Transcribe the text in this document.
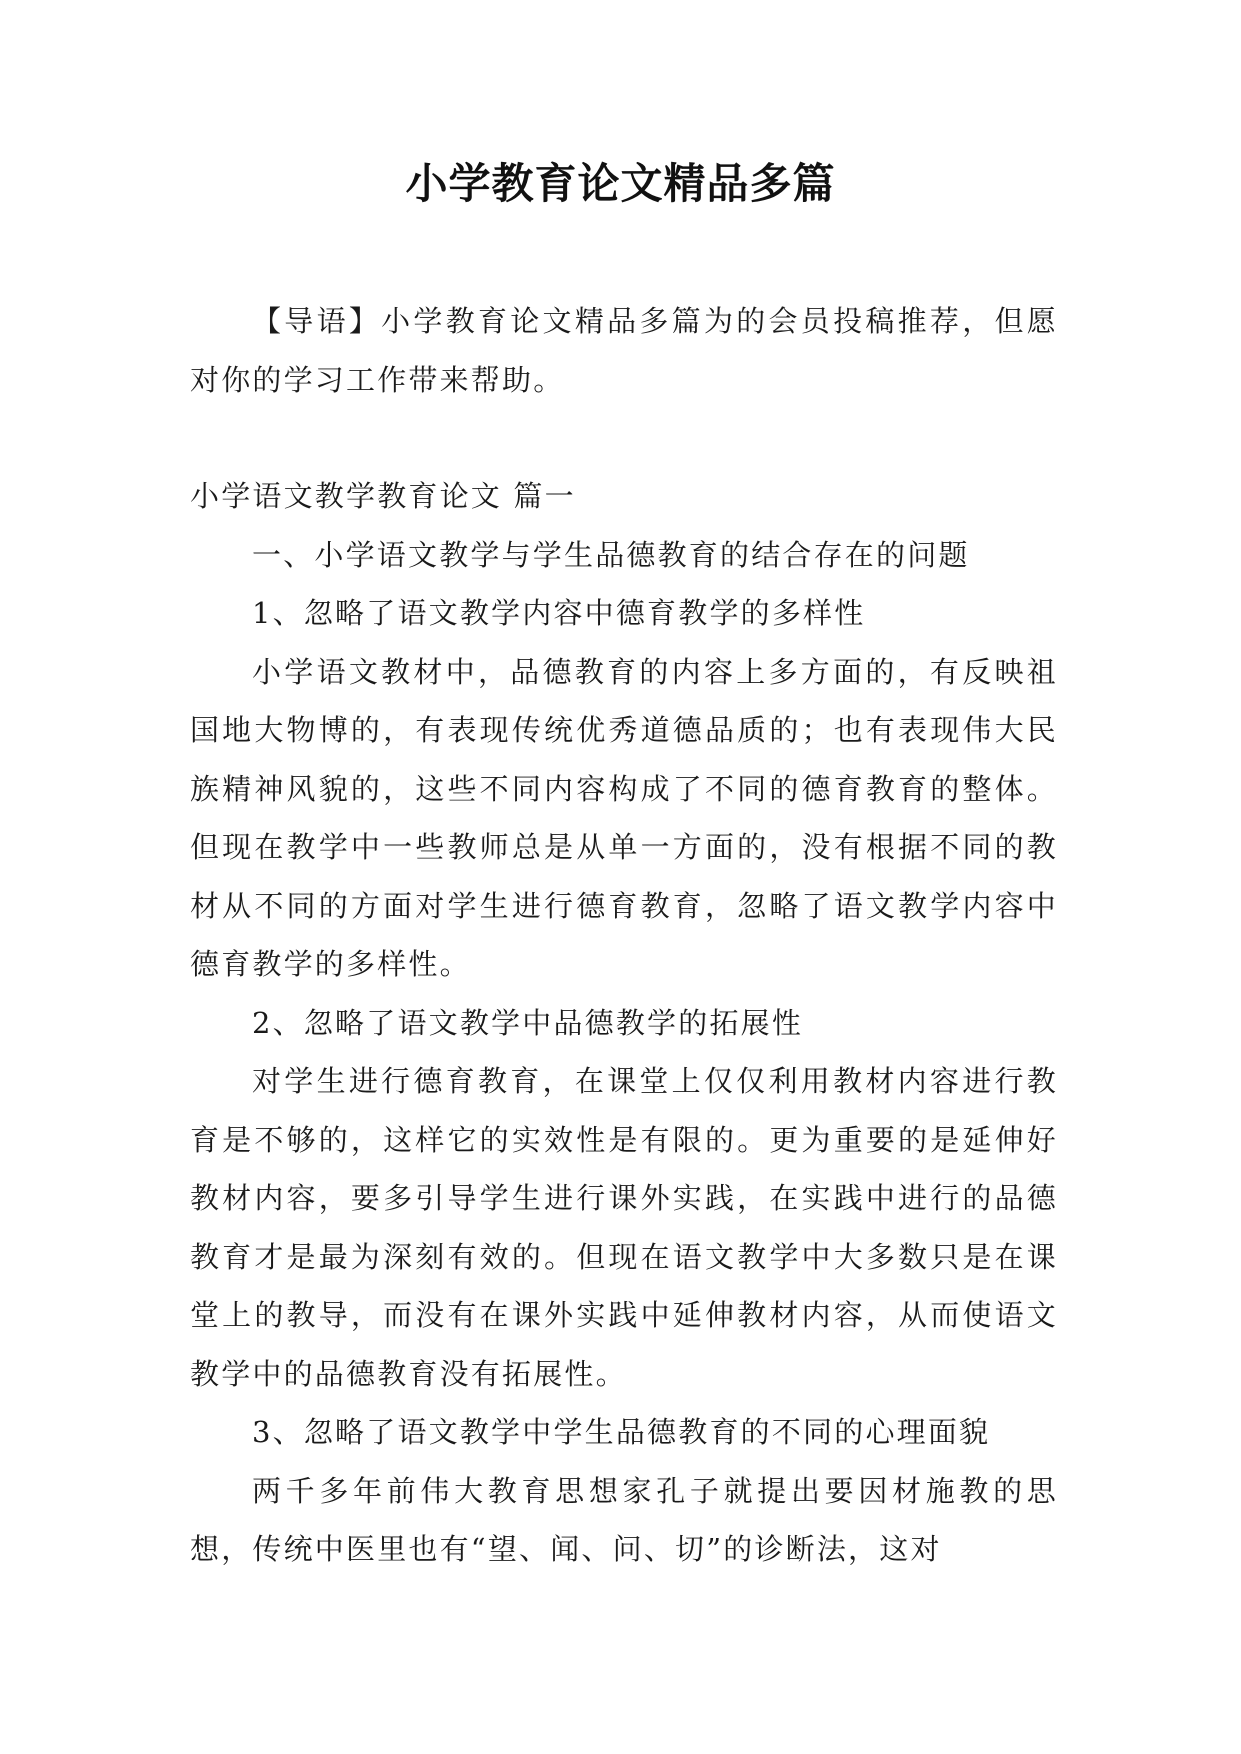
小学教育论文精品多篇

【导语】小学教育论文精品多篇为的会员投稿推荐，但愿对你的学习工作带来帮助。

小学语文教学教育论文 篇一

一、小学语文教学与学生品德教育的结合存在的问题

1、忽略了语文教学内容中德育教学的多样性

小学语文教材中，品德教育的内容上多方面的，有反映祖国地大物博的，有表现传统优秀道德品质的；也有表现伟大民族精神风貌的，这些不同内容构成了不同的德育教育的整体。但现在教学中一些教师总是从单一方面的，没有根据不同的教材从不同的方面对学生进行德育教育，忽略了语文教学内容中德育教学的多样性。

2、忽略了语文教学中品德教学的拓展性

对学生进行德育教育，在课堂上仅仅利用教材内容进行教育是不够的，这样它的实效性是有限的。更为重要的是延伸好教材内容，要多引导学生进行课外实践，在实践中进行的品德教育才是最为深刻有效的。但现在语文教学中大多数只是在课堂上的教导，而没有在课外实践中延伸教材内容，从而使语文教学中的品德教育没有拓展性。

3、忽略了语文教学中学生品德教育的不同的心理面貌

两千多年前伟大教育思想家孔子就提出要因材施教的思想，传统中医里也有“望、闻、问、切”的诊断法，这对
